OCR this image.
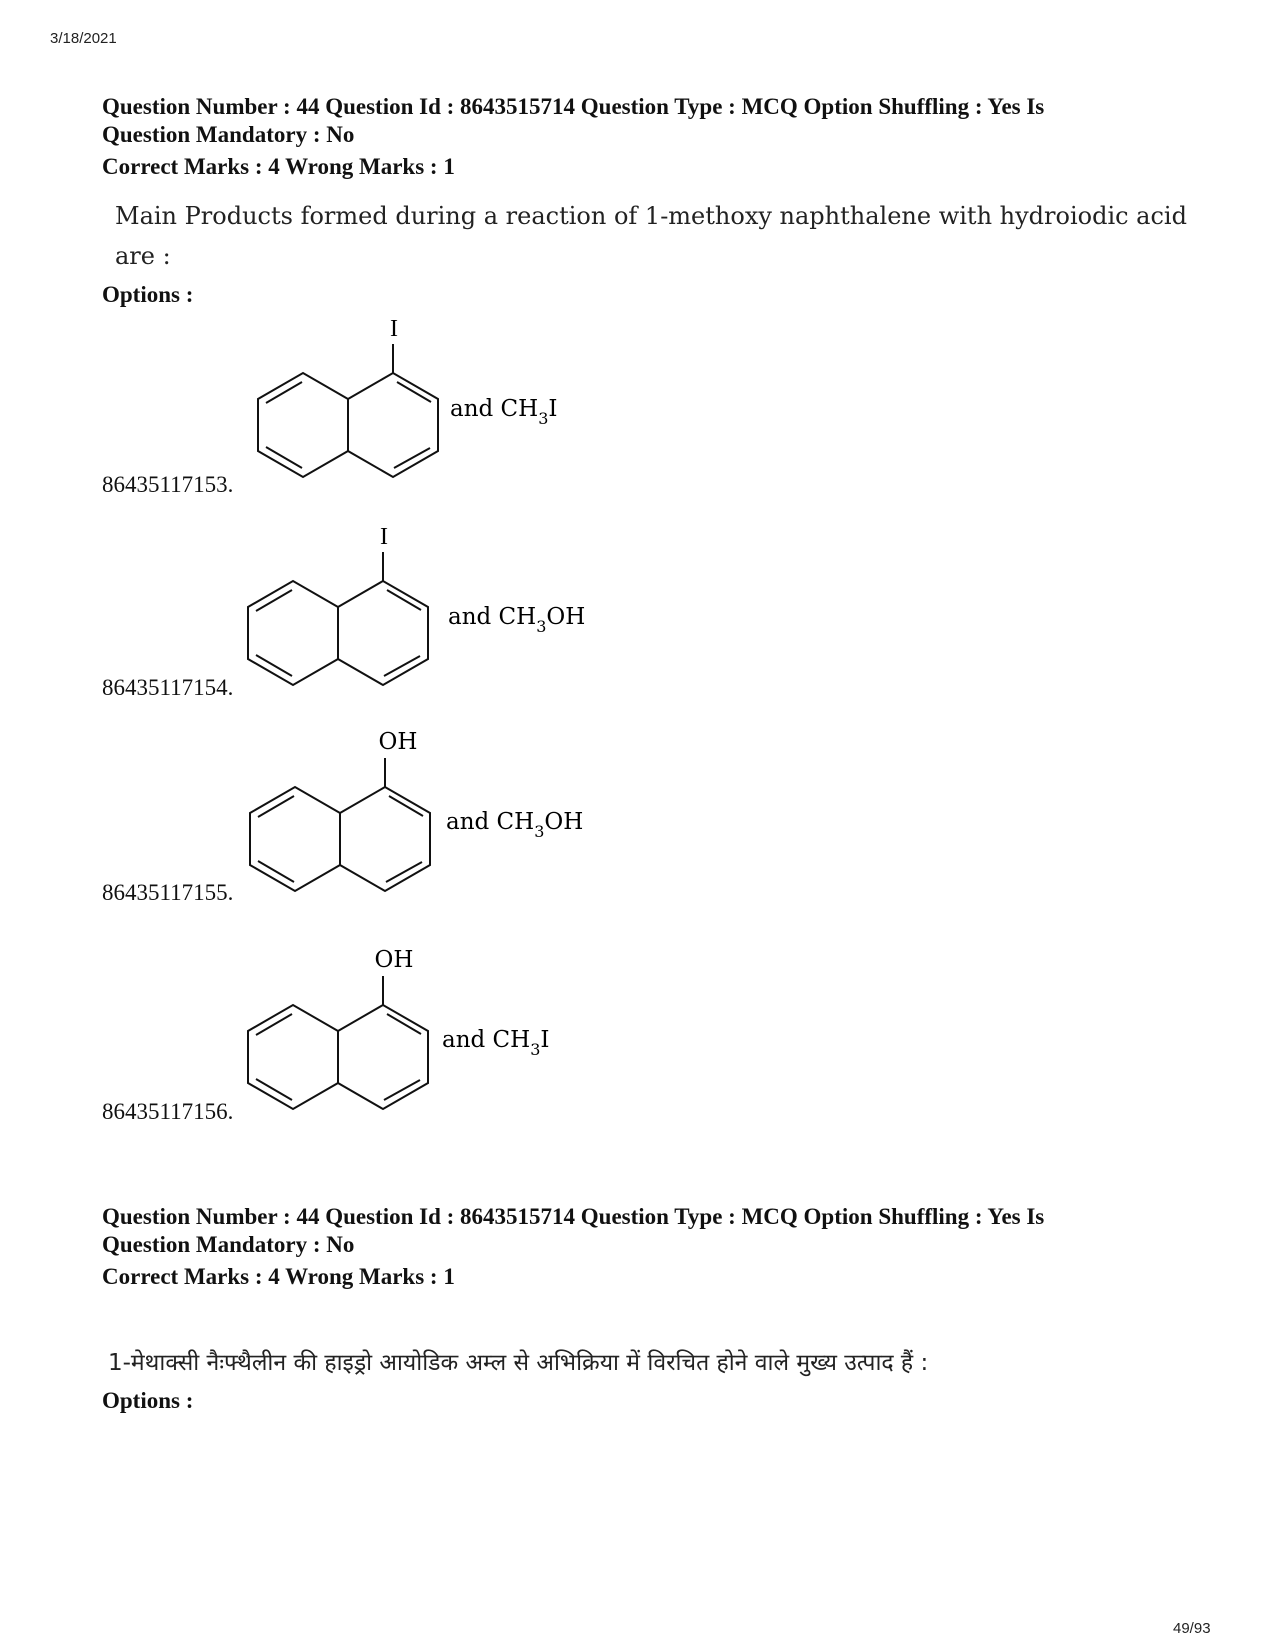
3/18/2021
Question Number : 44 Question Id : 8643515714 Question Type : MCQ Option Shuffling : Yes Is
Question Mandatory : No
Correct Marks : 4 Wrong Marks : 1
Main Products formed during a reaction of 1-methoxy naphthalene with hydroiodic acid
are :
Options :
86435117153.
I
and $CH_3I$
86435117154.
I
and $CH_3OH$
86435117155.
OH
and $CH_3OH$
86435117156.
OH
and $CH_3I$
Question Number : 44 Question Id : 8643515714 Question Type : MCQ Option Shuffling : Yes Is
Question Mandatory : No
Correct Marks : 4 Wrong Marks : 1
1-मेथाक्सी नैःफ्थैलीन की हाइड्रो आयोडिक अम्ल से अभिक्रिया में विरचित होने वाले मुख्य उत्पाद हैं :
Options :
49/93
